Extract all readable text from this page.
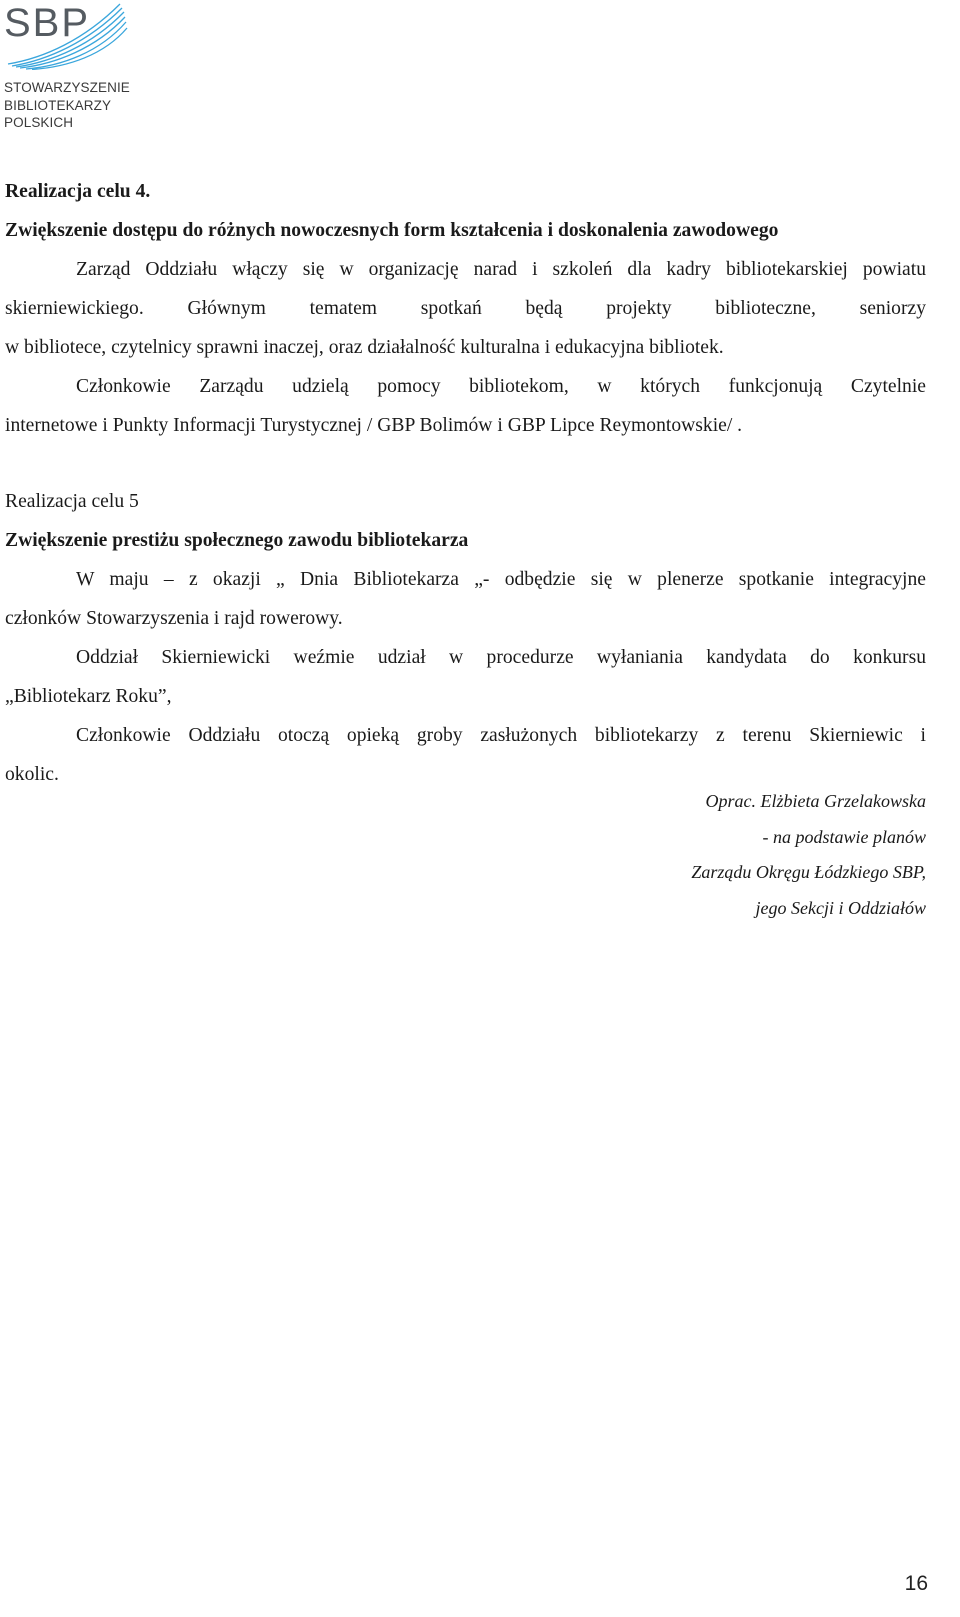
SBP
STOWARZYSZENIE
BIBLIOTEKARZY
POLSKICH
Realizacja celu 4.
Zwiększenie dostępu do różnych nowoczesnych form kształcenia i doskonalenia zawodowego
Zarząd Oddziału włączy się w organizację narad i szkoleń dla kadry bibliotekarskiej powiatu
skierniewickiego. Głównym tematem spotkań będą projekty biblioteczne, seniorzy
w bibliotece, czytelnicy sprawni inaczej, oraz działalność kulturalna i edukacyjna bibliotek.
Członkowie Zarządu udzielą pomocy bibliotekom, w których funkcjonują Czytelnie
internetowe i Punkty Informacji Turystycznej / GBP Bolimów i GBP Lipce Reymontowskie/ .
Realizacja celu 5
Zwiększenie prestiżu społecznego zawodu bibliotekarza
W maju – z okazji „ Dnia Bibliotekarza „- odbędzie się w plenerze spotkanie integracyjne
członków Stowarzyszenia i rajd rowerowy.
Oddział Skierniewicki weźmie udział w procedurze wyłaniania kandydata do konkursu
„Bibliotekarz Roku”,
Członkowie Oddziału otoczą opieką groby zasłużonych bibliotekarzy z terenu Skierniewic i
okolic.
Oprac. Elżbieta Grzelakowska
- na podstawie planów
Zarządu Okręgu Łódzkiego SBP,
jego Sekcji i Oddziałów
16
